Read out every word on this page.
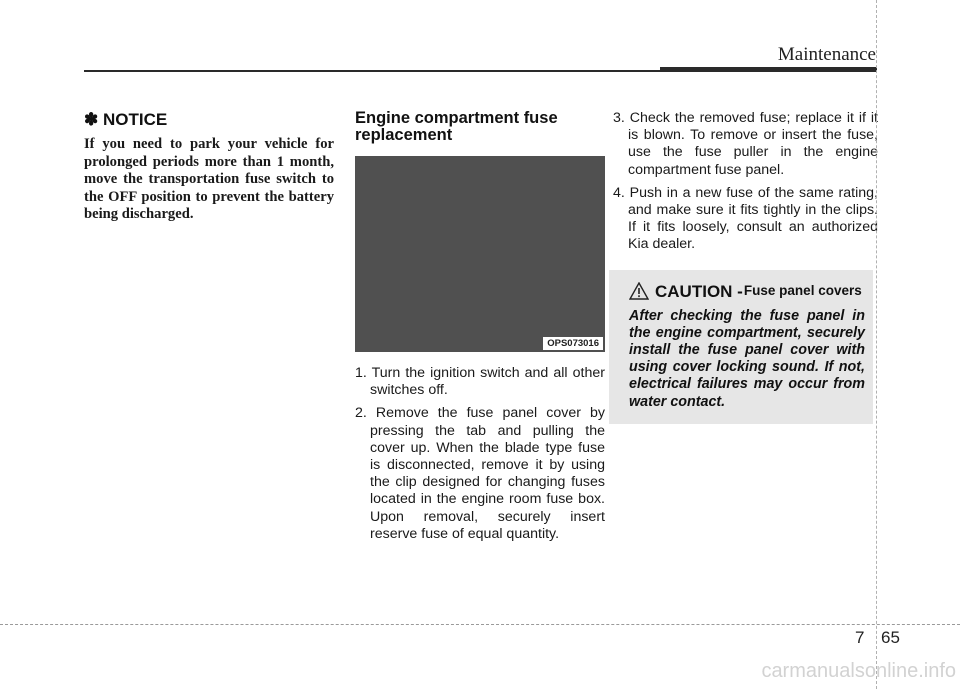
Maintenance
✽ NOTICE

If you need to park your vehicle for prolonged periods more than 1 month, move the transportation fuse switch to the OFF position to prevent the battery being discharged.

Engine compartment fuse replacement
OPS073016
1. Turn the ignition switch and all other switches off.
2. Remove the fuse panel cover by pressing the tab and pulling the cover up. When the blade type fuse is disconnected, remove it by using the clip designed for changing fuses located in the engine room fuse box. Upon removal, securely insert reserve fuse of equal quantity.
3. Check the removed fuse; replace it if it is blown. To remove or insert the fuse, use the fuse puller in the engine compartment fuse panel.
4. Push in a new fuse of the same rating, and make sure it fits tightly in the clips. If it fits loosely, consult an authorized Kia dealer.
CAUTION - Fuse panel covers

After checking the fuse panel in the engine compartment, securely install the fuse panel cover with using cover locking sound. If not, electrical failures may occur from water contact.

7 65
carmanualsonline.info
